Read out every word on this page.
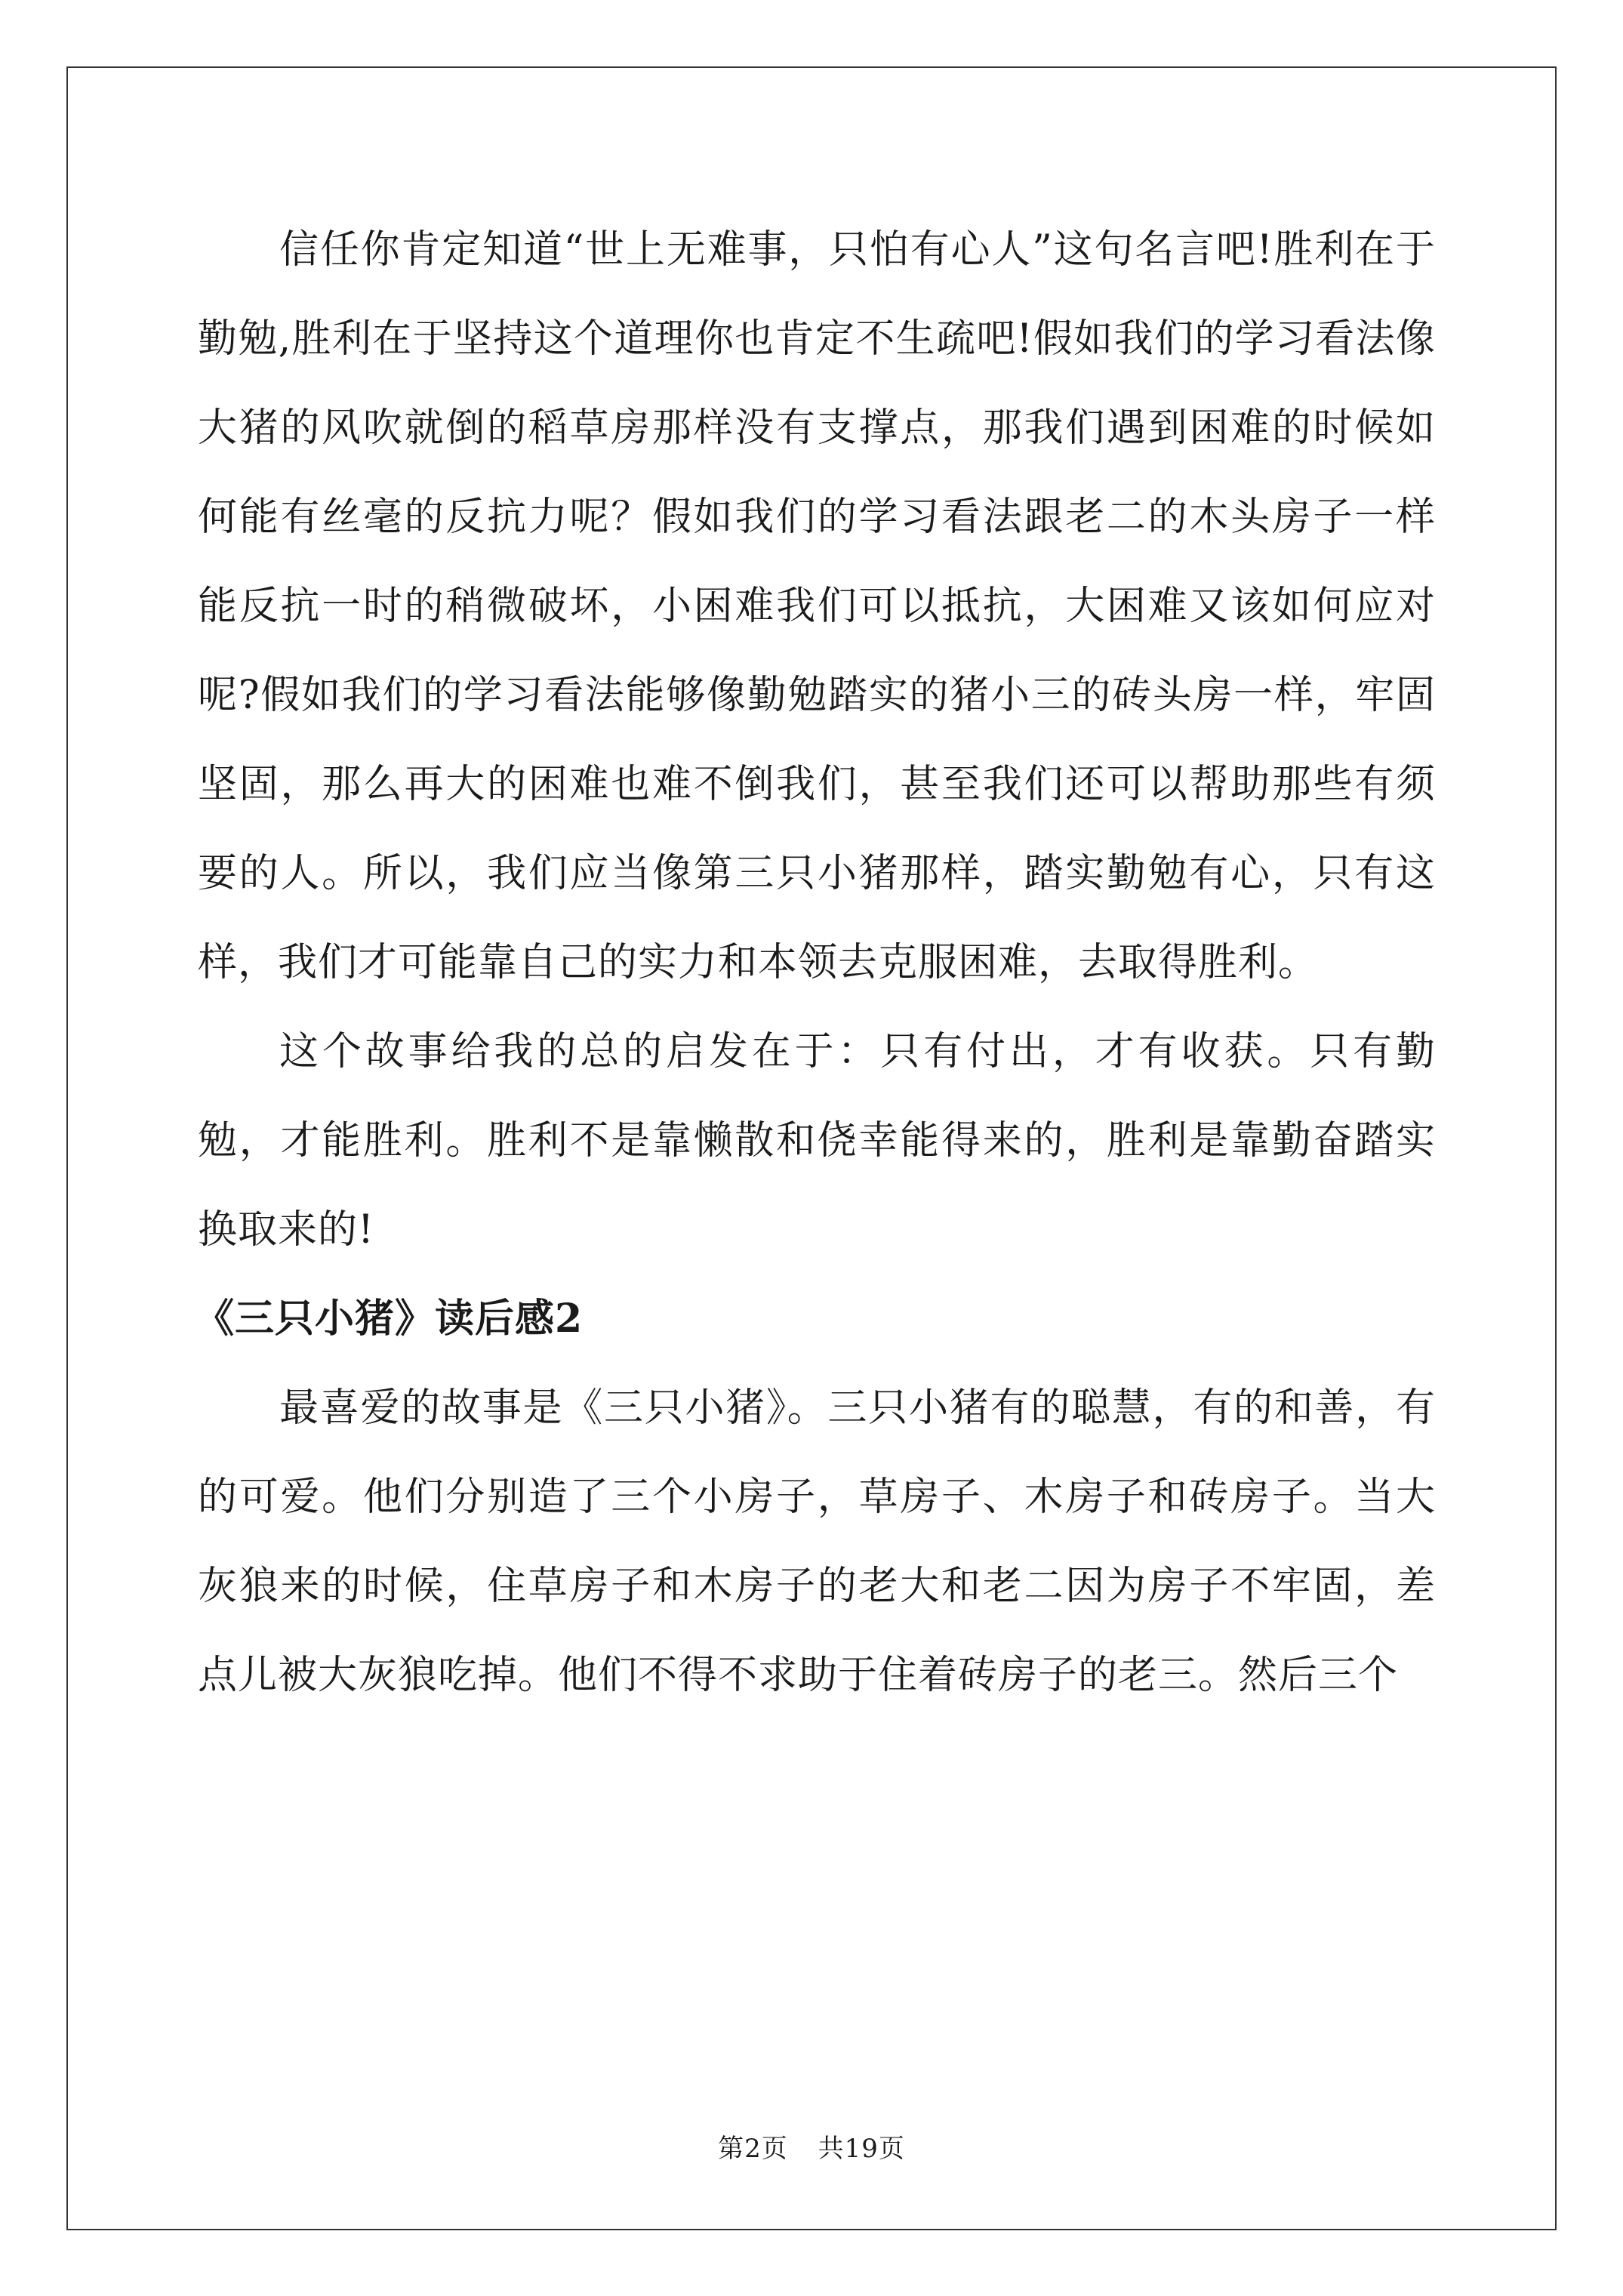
信任你肯定知道“世上无难事，只怕有心人”这句名言吧!胜利在于勤勉,胜利在于坚持这个道理你也肯定不生疏吧!假如我们的学习看法像大猪的风吹就倒的稻草房那样没有支撑点，那我们遇到困难的时候如何能有丝毫的反抗力呢？假如我们的学习看法跟老二的木头房子一样能反抗一时的稍微破坏，小困难我们可以抵抗，大困难又该如何应对呢?假如我们的学习看法能够像勤勉踏实的猪小三的砖头房一样，牢固坚固，那么再大的困难也难不倒我们，甚至我们还可以帮助那些有须要的人。所以，我们应当像第三只小猪那样，踏实勤勉有心，只有这样，我们才可能靠自己的实力和本领去克服困难，去取得胜利。

这个故事给我的总的启发在于：只有付出，才有收获。只有勤勉，才能胜利。胜利不是靠懒散和侥幸能得来的，胜利是靠勤奋踏实换取来的!

《三只小猪》读后感2

最喜爱的故事是《三只小猪》。三只小猪有的聪慧，有的和善，有的可爱。他们分别造了三个小房子，草房子、木房子和砖房子。当大灰狼来的时候，住草房子和木房子的老大和老二因为房子不牢固，差点儿被大灰狼吃掉。他们不得不求助于住着砖房子的老三。然后三个

第2页 共19页
